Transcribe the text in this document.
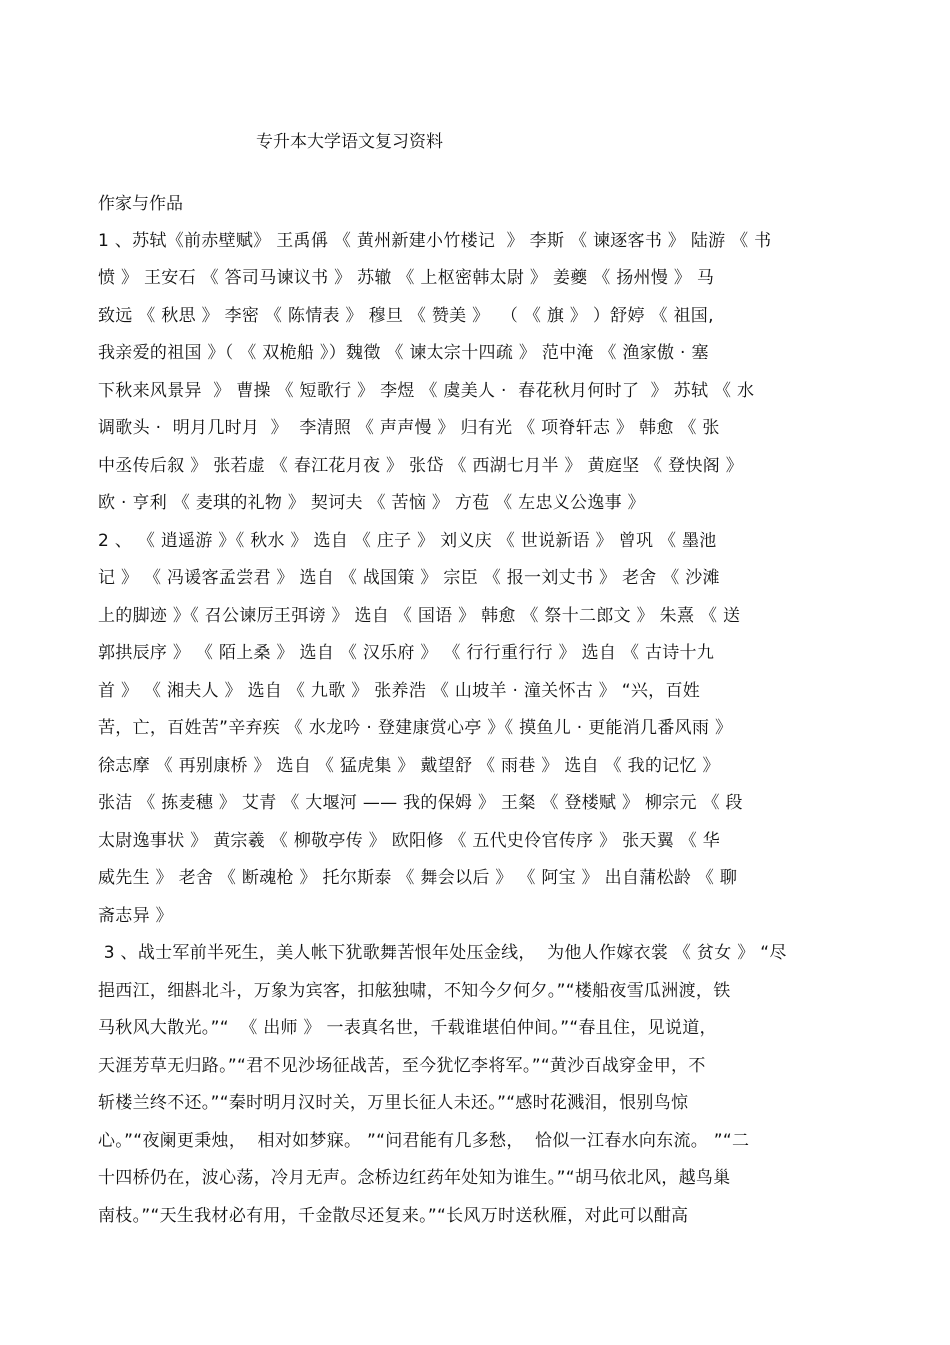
专升本大学语文复习资料
作家与作品
1 、苏轼《前赤壁赋》 王禹偁 《 黄州新建小竹楼记  》 李斯 《 谏逐客书 》 陆游 《 书
愤 》 王安石 《 答司马谏议书 》 苏辙 《 上枢密韩太尉 》 姜夔 《 扬州慢 》 马
致远 《 秋思 》 李密 《 陈情表 》 穆旦 《 赞美 》  （ 《 旗 》 ）舒婷 《 祖国,
我亲爱的祖国 》（ 《 双桅船 》）魏徵 《 谏太宗十四疏 》 范中淹 《 渔家傲 · 塞
下秋来风景异  》 曹操 《 短歌行 》 李煜 《 虞美人 ·  春花秋月何时了  》 苏轼 《 水
调歌头 ·  明月几时月  》  李清照 《 声声慢 》 归有光 《 项脊轩志 》 韩愈 《 张
中丞传后叙 》 张若虚 《 春江花月夜 》 张岱 《 西湖七月半 》 黄庭坚 《 登快阁 》
欧 · 亨利 《 麦琪的礼物 》 契诃夫 《 苦恼 》 方苞 《 左忠义公逸事 》
2 、 《 逍遥游 》《 秋水 》 选自 《 庄子 》 刘义庆 《 世说新语 》 曾巩 《 墨池
记 》 《 冯谖客孟尝君 》 选自 《 战国策 》 宗臣 《 报一刘丈书 》 老舍 《 沙滩
上的脚迹 》《 召公谏厉王弭谤 》 选自 《 国语 》 韩愈 《 祭十二郎文 》 朱熹 《 送
郭拱辰序 》 《 陌上桑 》 选自 《 汉乐府 》 《 行行重行行 》 选自 《 古诗十九
首 》 《 湘夫人 》 选自 《 九歌 》 张养浩 《 山坡羊 · 潼关怀古 》 “兴，百姓
苦，亡，百姓苦”辛弃疾 《 水龙吟 · 登建康赏心亭 》《 摸鱼儿 · 更能消几番风雨 》
徐志摩 《 再别康桥 》 选自 《 猛虎集 》 戴望舒 《 雨巷 》 选自 《 我的记忆 》
张洁 《 拣麦穗 》 艾青 《 大堰河 —— 我的保姆 》 王粲 《 登楼赋 》 柳宗元 《 段
太尉逸事状 》 黄宗羲 《 柳敬亭传 》 欧阳修 《 五代史伶官传序 》 张天翼 《 华
威先生 》 老舍 《 断魂枪 》 托尔斯泰 《 舞会以后 》 《 阿宝 》 出自蒲松龄 《 聊
斋志异 》
3 、战士军前半死生，美人帐下犹歌舞苦恨年处压金线，  为他人作嫁衣裳 《 贫女 》 “尽
挹西江，细斟北斗，万象为宾客，扣舷独啸，不知今夕何夕。”“楼船夜雪瓜洲渡，铁
马秋风大散光。”“  《 出师 》 一表真名世，千载谁堪伯仲间。”“春且住，见说道，
天涯芳草无归路。”“君不见沙场征战苦，至今犹忆李将军。”“黄沙百战穿金甲，不
斩楼兰终不还。”“秦时明月汉时关，万里长征人未还。”“感时花溅泪，恨别鸟惊
心。”“夜阑更秉烛，  相对如梦寐。 ”“问君能有几多愁，  恰似一江春水向东流。 ”“二
十四桥仍在，波心荡，冷月无声。念桥边红药年处知为谁生。”“胡马依北风，越鸟巢
南枝。”“天生我材必有用，千金散尽还复来。”“长风万时送秋雁，对此可以酣高
